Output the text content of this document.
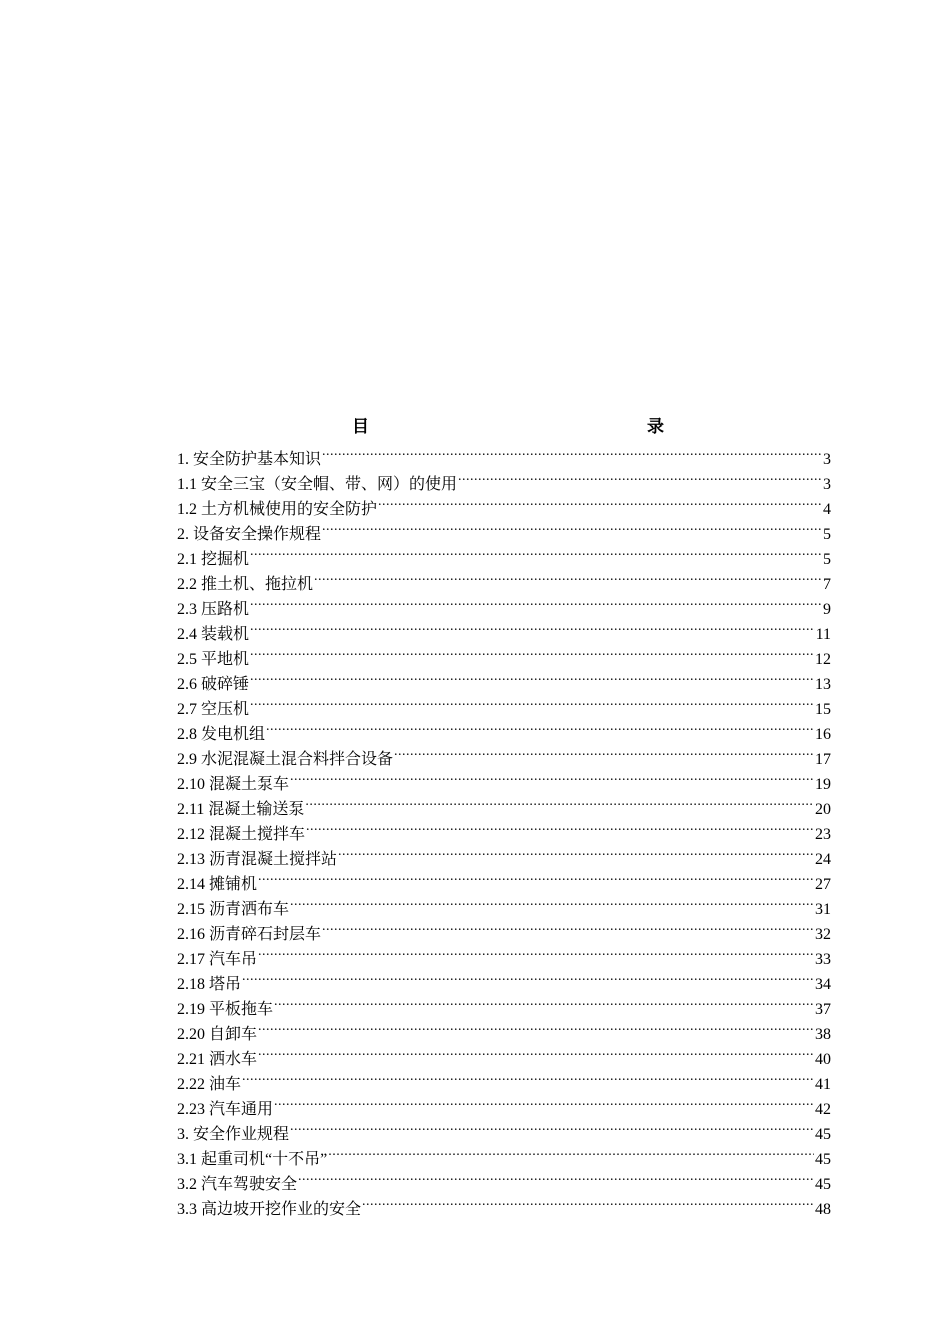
目	录
1. 安全防护基本知识 .....	3
1.1 安全三宝（安全帽、带、网）的使用 .....	3
1.2 土方机械使用的安全防护 .....	4
2. 设备安全操作规程 .....	5
2.1 挖掘机 .....	5
2.2 推土机、拖拉机 .....	7
2.3 压路机 .....	9
2.4 装载机 .....	11
2.5 平地机 .....	12
2.6 破碎锤 .....	13
2.7 空压机 .....	15
2.8 发电机组 .....	16
2.9 水泥混凝土混合料拌合设备 .....	17
2.10 混凝土泵车 .....	19
2.11 混凝土输送泵 .....	20
2.12 混凝土搅拌车 .....	23
2.13 沥青混凝土搅拌站 .....	24
2.14 摊铺机 .....	27
2.15 沥青洒布车 .....	31
2.16 沥青碎石封层车 .....	32
2.17 汽车吊 .....	33
2.18 塔吊 .....	34
2.19 平板拖车 .....	37
2.20 自卸车 .....	38
2.21 洒水车 .....	40
2.22 油车 .....	41
2.23 汽车通用 .....	42
3. 安全作业规程 .....	45
3.1 起重司机“十不吊” .....	45
3.2 汽车驾驶安全 .....	45
3.3 高边坡开挖作业的安全 .....	48
